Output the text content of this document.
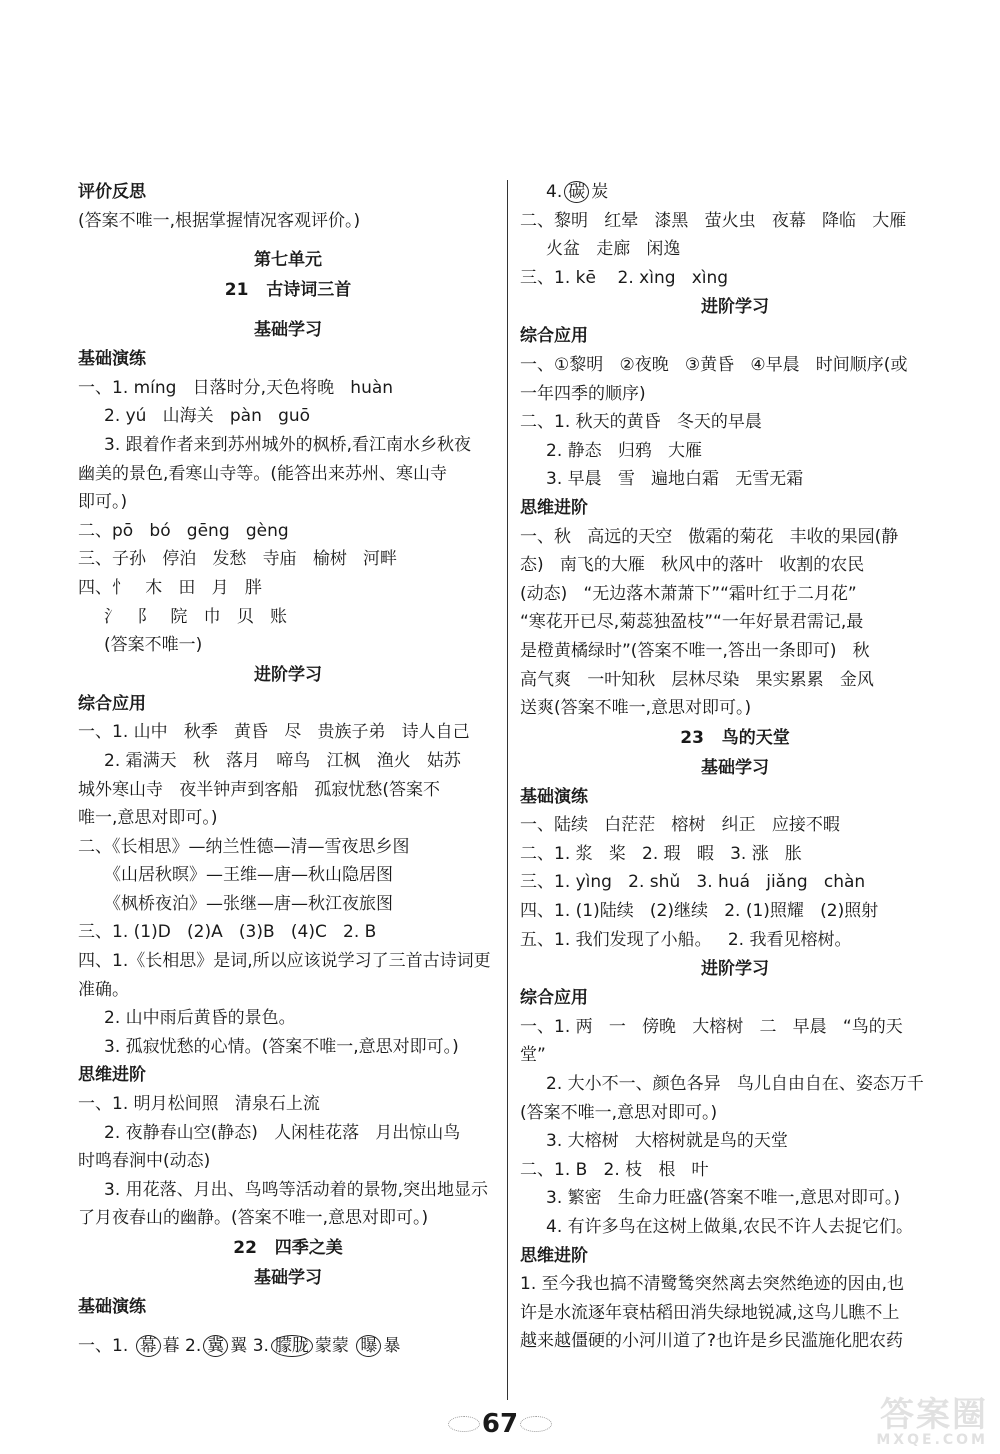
评价反思
(答案不唯一,根据掌握情况客观评价。)
第七单元
21   古诗词三首
基础学习
基础演练
一、1. míng   日落时分,天色将晚   huàn
2. yú   山海关   pàn   guō
3. 跟着作者来到苏州城外的枫桥,看江南水乡秋夜
幽美的景色,看寒山寺等。(能答出来苏州、寒山寺
即可。)
二、pō   bó   gēng   gèng
三、子孙   停泊   发愁   寺庙   榆树   河畔
四、忄   木   田   月   胖
氵   阝   院   巾   贝   账
(答案不唯一)
进阶学习
综合应用
一、1. 山中   秋季   黄昏   尽   贵族子弟   诗人自己
2. 霜满天   秋   落月   啼鸟   江枫   渔火   姑苏
城外寒山寺   夜半钟声到客船   孤寂忧愁(答案不
唯一,意思对即可。)
二、《长相思》—纳兰性德—清—雪夜思乡图
《山居秋暝》—王维—唐—秋山隐居图
《枫桥夜泊》—张继—唐—秋江夜旅图
三、1. (1)D   (2)A   (3)B   (4)C   2. B
四、1.《长相思》是词,所以应该说学习了三首古诗词更
准确。
2. 山中雨后黄昏的景色。
3. 孤寂忧愁的心情。(答案不唯一,意思对即可。)
思维进阶
一、1. 明月松间照   清泉石上流
2. 夜静春山空(静态)   人闲桂花落   月出惊山鸟
时鸣春涧中(动态)
3. 用花落、月出、鸟鸣等活动着的景物,突出地显示
了月夜春山的幽静。(答案不唯一,意思对即可。)
22   四季之美
基础学习
基础演练
一、1. 幕 暮 2. 冀 翼 3. 朦胧 蒙蒙 曝 暴
4. 碳 炭
二、黎明   红晕   漆黑   萤火虫   夜幕   降临   大雁
火盆   走廊   闲逸
三、1. kē    2. xìng   xìng
进阶学习
综合应用
一、①黎明   ②夜晚   ③黄昏   ④早晨   时间顺序(或
一年四季的顺序)
二、1. 秋天的黄昏   冬天的早晨
2. 静态   归鸦   大雁
3. 早晨   雪   遍地白霜   无雪无霜
思维进阶
一、秋   高远的天空   傲霜的菊花   丰收的果园(静
态)   南飞的大雁   秋风中的落叶   收割的农民
(动态)   “无边落木萧萧下”“霜叶红于二月花”
“寒花开已尽,菊蕊独盈枝”“一年好景君需记,最
是橙黄橘绿时”(答案不唯一,答出一条即可)   秋
高气爽   一叶知秋   层林尽染   果实累累   金风
送爽(答案不唯一,意思对即可。)
23   鸟的天堂
基础学习
基础演练
一、陆续   白茫茫   榕树   纠正   应接不暇
二、1. 浆   桨   2. 瑕   暇   3. 涨   胀
三、1. yìng   2. shǔ   3. huá   jiǎng   chàn
四、1. (1)陆续   (2)继续   2. (1)照耀   (2)照射
五、1. 我们发现了小船。   2. 我看见榕树。
进阶学习
综合应用
一、1. 两   一   傍晚   大榕树   二   早晨   “鸟的天
堂”
2. 大小不一、颜色各异   鸟儿自由自在、姿态万千
(答案不唯一,意思对即可。)
3. 大榕树   大榕树就是鸟的天堂
二、1. B   2. 枝   根   叶
3. 繁密   生命力旺盛(答案不唯一,意思对即可。)
4. 有许多鸟在这树上做巢,农民不许人去捉它们。
思维进阶
1. 至今我也搞不清鹭鸶突然离去突然绝迹的因由,也
许是水流逐年衰枯稻田消失绿地锐减,这鸟儿瞧不上
越来越僵硬的小河川道了?也许是乡民滥施化肥农药
67	答案圈
MXQE.COM
